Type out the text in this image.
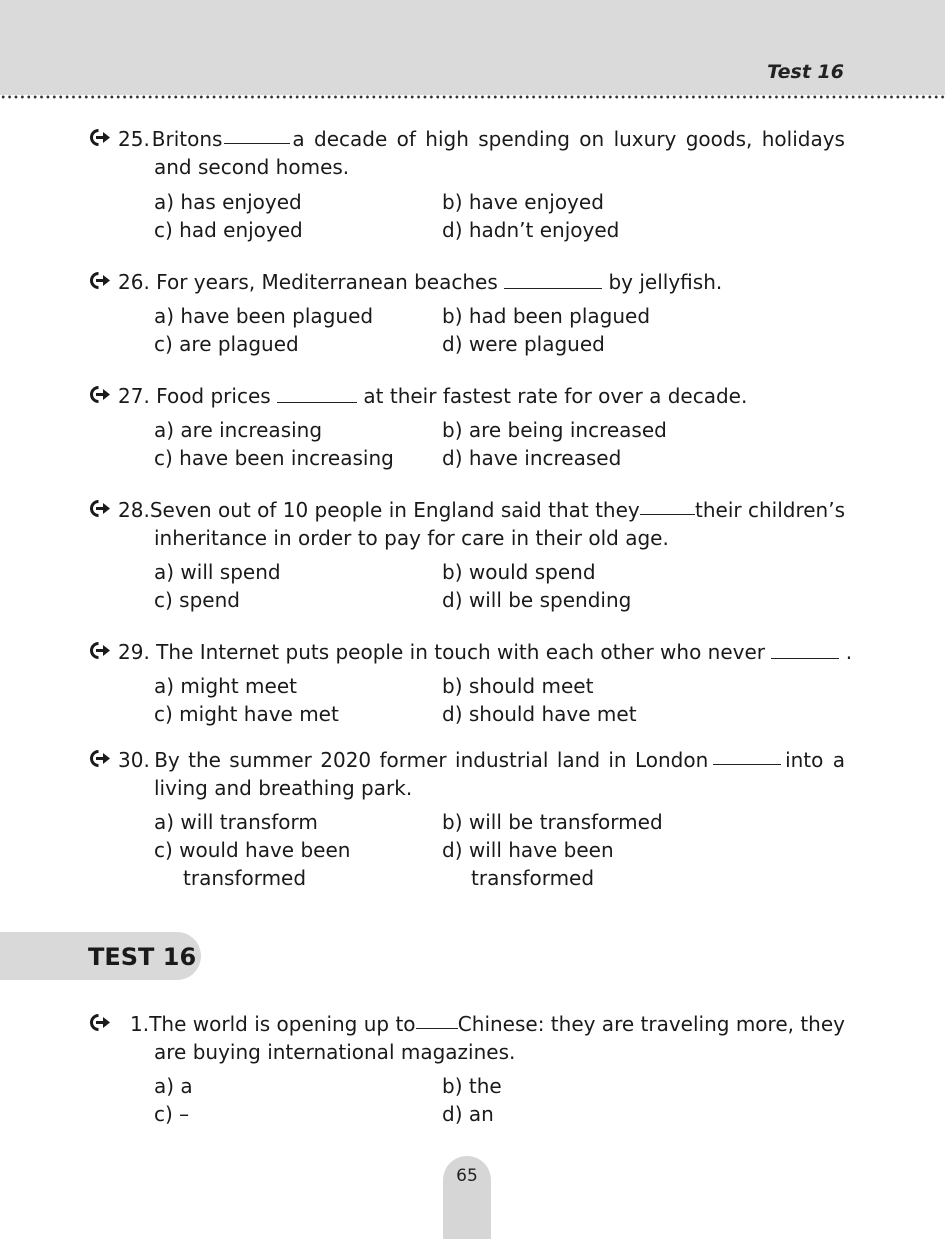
Test 16
25. Britons	a decade of high spending on luxury goods, holidays
and second homes.
a) has enjoyed	b) have enjoyed
c) had enjoyed	d) hadn’t enjoyed
26. For years, Mediterranean beaches	by jellyfish.
a) have been plagued	b) had been plagued
c) are plagued	d) were plagued
27. Food prices	at their fastest rate for over a decade.
a) are increasing	b) are being increased
c) have been increasing d) have increased
28. Seven out of 10 people in England said that they	their children’s
inheritance in order to pay for care in their old age.
a) will spend	b) would spend
c) spend	d) will be spending
29. The Internet puts people in touch with each other who never	.
a) might meet	b) should meet
c) might have met	d) should have met
30. By the summer 2020 former industrial land in London	into a
living and breathing park.
a) will transform	b) will be transformed
c) would have been	d) will have been
transformed	transformed
TEST 16
1. The world is opening up to Chinese: they are traveling more, they
are buying international magazines.
a) a	b) the
c) –	d) an
65
